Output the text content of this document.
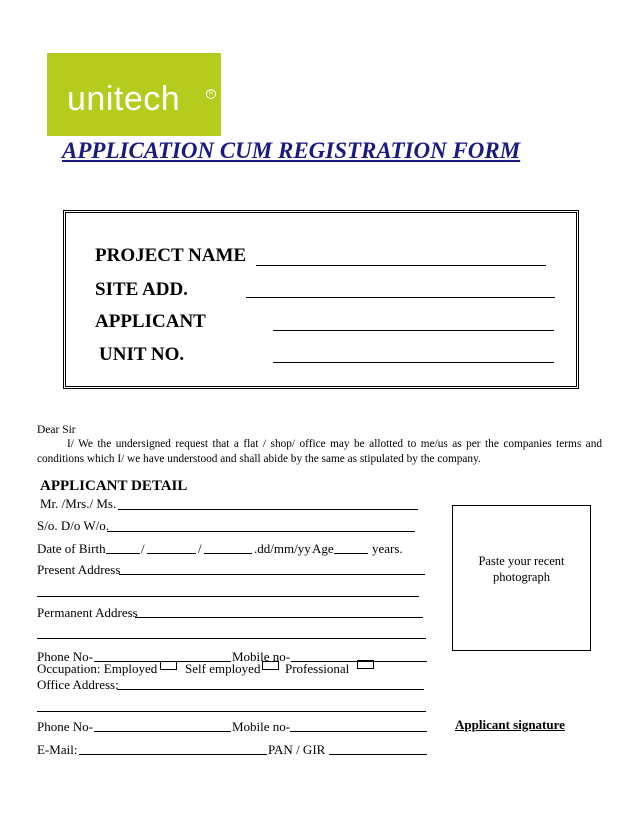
unitech	R
APPLICATION CUM REGISTRATION FORM
PROJECT NAME
SITE ADD.
APPLICANT
UNIT NO.
Dear Sir
I/ We the undersigned request that a flat / shop/ office may be allotted to me/us as per the companies terms and conditions which I/ we have understood and shall abide by the same as stipulated by the company.
APPLICANT DETAIL
Mr. /Mrs./ Ms.
S/o. D/o W/o.
Date of Birth	/	/	.dd/mm/yy Age	years.
Present Address
Permanent Address
Phone No-	Mobile no-
Occupation: Employed Self employed Professional
Office Address:
Phone No-	Mobile no-
E-Mail:	PAN / GIR
Paste your recent
photograph
Applicant signature
